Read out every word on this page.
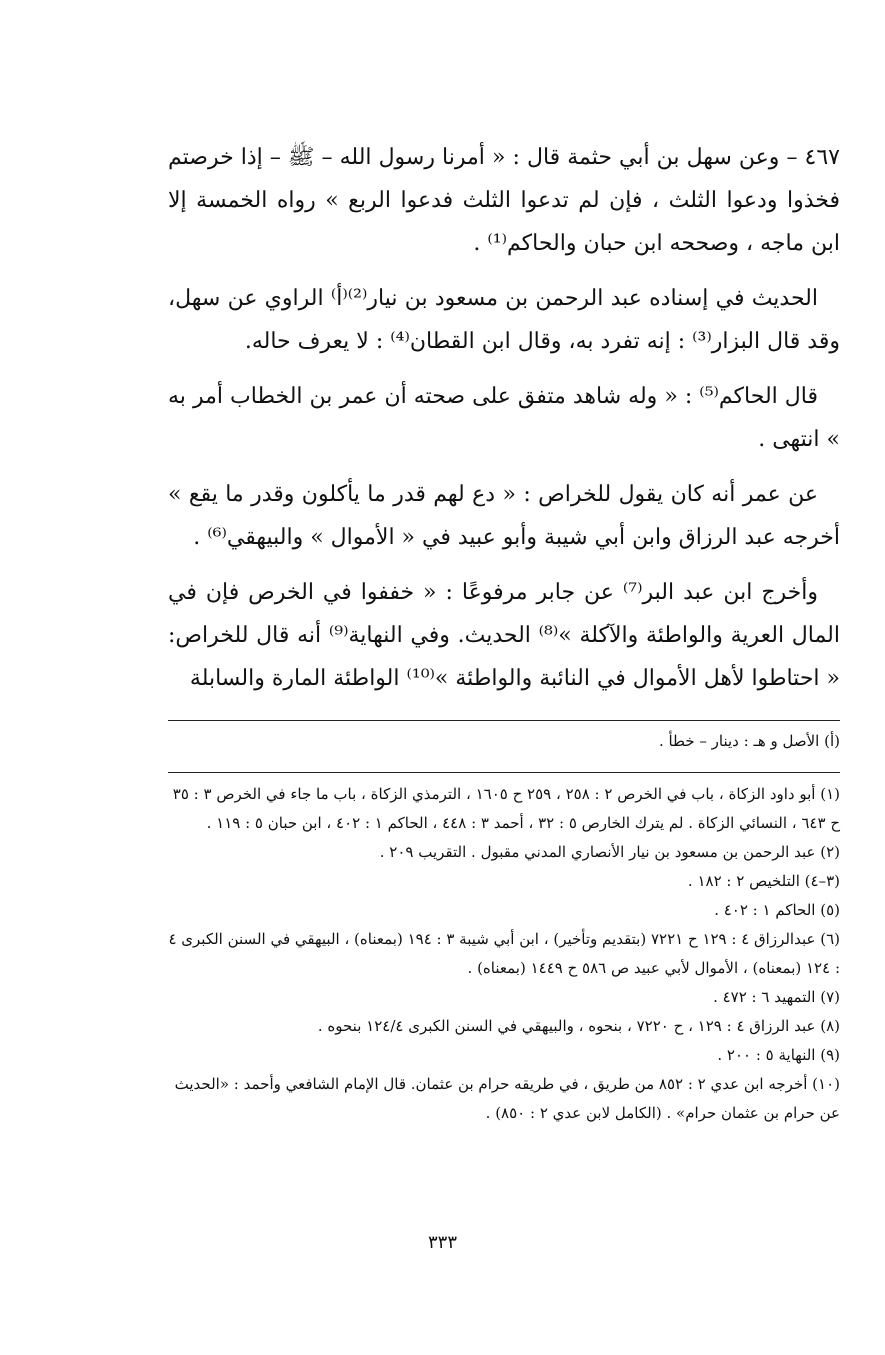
٤٦٧ – وعن سهل بن أبي حثمة قال : « أمرنا رسول الله – ﷺ – إذا خرصتم فخذوا ودعوا الثلث ، فإن لم تدعوا الثلث فدعوا الربع » رواه الخمسة إلا ابن ماجه ، وصححه ابن حبان والحاكم⁽¹⁾ .

الحديث في إسناده عبد الرحمن بن مسعود بن نيار⁽²⁾⁽أ⁾ الراوي عن سهل، وقد قال البزار⁽³⁾ : إنه تفرد به، وقال ابن القطان⁽⁴⁾ : لا يعرف حاله.

قال الحاكم⁽⁵⁾ : « وله شاهد متفق على صحته أن عمر بن الخطاب أمر به » انتهى .

عن عمر أنه كان يقول للخراص : « دع لهم قدر ما يأكلون وقدر ما يقع » أخرجه عبد الرزاق وابن أبي شيبة وأبو عبيد في « الأموال » والبيهقي⁽⁶⁾ .

وأخرج ابن عبد البر⁽⁷⁾ عن جابر مرفوعًا : « خففوا في الخرص فإن في المال العرية والواطئة والآكلة »⁽⁸⁾ الحديث. وفي النهاية⁽⁹⁾ أنه قال للخراص: « احتاطوا لأهل الأموال في النائبة والواطئة »⁽¹⁰⁾ الواطئة المارة والسابلة

(أ) الأصل و هـ : دينار – خطأ .

(١) أبو داود الزكاة ، باب في الخرص ٢ : ٢٥٨ ، ٢٥٩ ح ١٦٠٥ ، الترمذي الزكاة ، باب ما جاء في الخرص ٣ : ٣٥ ح ٦٤٣ ، النسائي الزكاة . لم يترك الخارص ٥ : ٣٢ ، أحمد ٣ : ٤٤٨ ، الحاكم ١ : ٤٠٢ ، ابن حبان ٥ : ١١٩ .

(٢) عبد الرحمن بن مسعود بن نيار الأنصاري المدني مقبول . التقريب ٢٠٩ .

(٣–٤) التلخيص ٢ : ١٨٢ .

(٥) الحاكم ١ : ٤٠٢ .

(٦) عبدالرزاق ٤ : ١٢٩ ح ٧٢٢١ (بتقديم وتأخير) ، ابن أبي شيبة ٣ : ١٩٤ (بمعناه) ، البيهقي في السنن الكبرى ٤ : ١٢٤ (بمعناه) ، الأموال لأبي عبيد ص ٥٨٦ ح ١٤٤٩ (بمعناه) .

(٧) التمهيد ٦ : ٤٧٢ .

(٨) عبد الرزاق ٤ : ١٢٩ ، ح ٧٢٢٠ ، بنحوه ، والبيهقي في السنن الكبرى ١٢٤/٤ بنحوه .

(٩) النهاية ٥ : ٢٠٠ .

(١٠) أخرجه ابن عدي ٢ : ٨٥٢ من طريق ، في طريقه حرام بن عثمان. قال الإمام الشافعي وأحمد : «الحديث عن حرام بن عثمان حرام» . (الكامل لابن عدي ٢ : ٨٥٠) .

٣٣٣
